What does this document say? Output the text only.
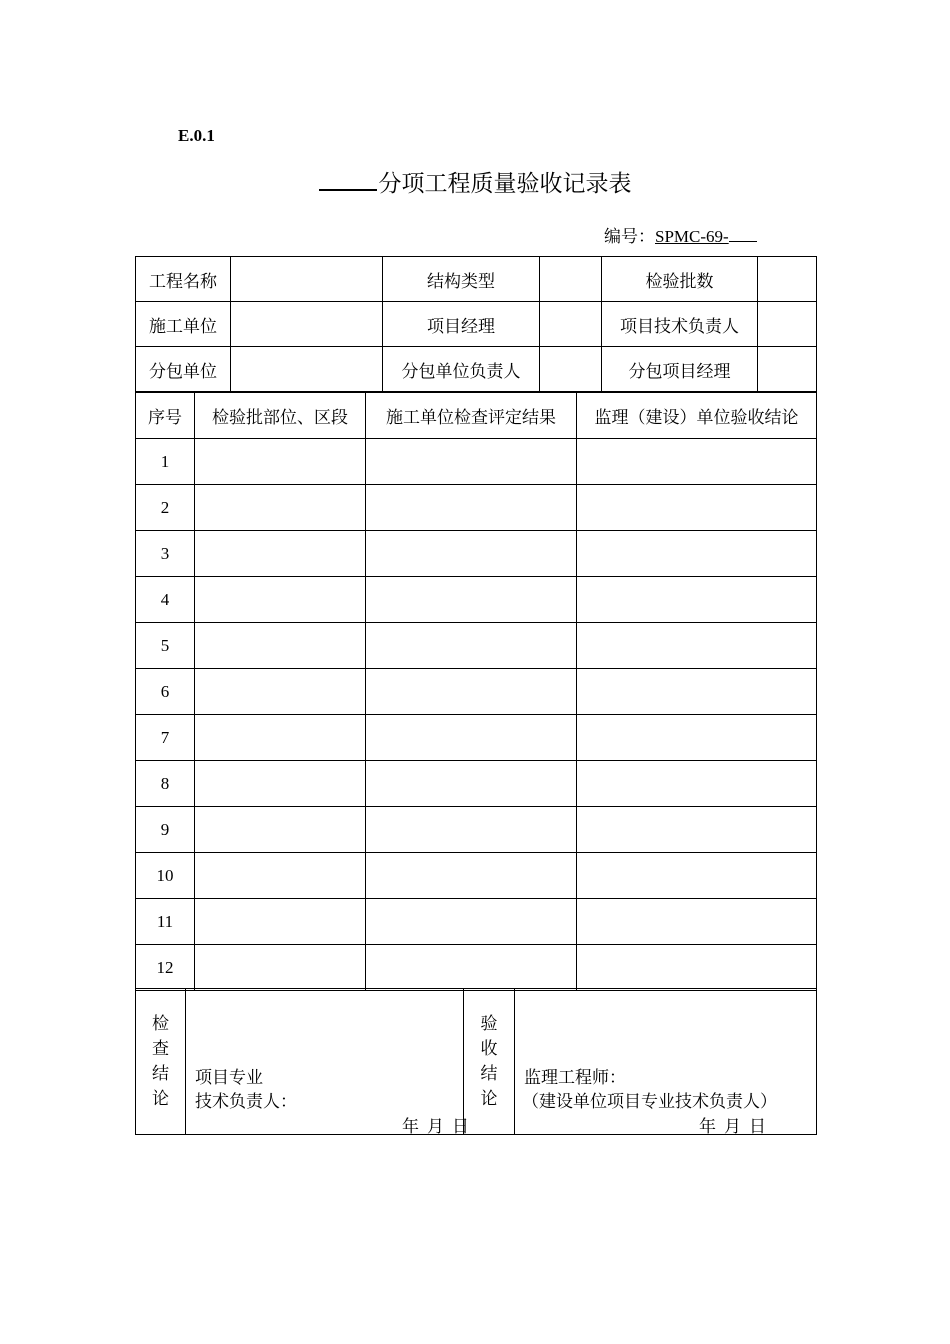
E.0.1
分项工程质量验收记录表
编号：SPMC-69-
工程名称		结构类型		检验批数	
施工单位		项目经理		项目技术负责人	
分包单位		分包单位负责人		分包项目经理	
序号	检验批部位、区段	施工单位检查评定结果	监理（建设）单位验收结论
1			
2			
3			
4			
5			
6			
7			
8			
9			
10			
11			
12			
检查结论	
项目专业
技术负责人：
年 月 日
	验收结论	
监理工程师：
（建设单位项目专业技术负责人）
年 月 日
